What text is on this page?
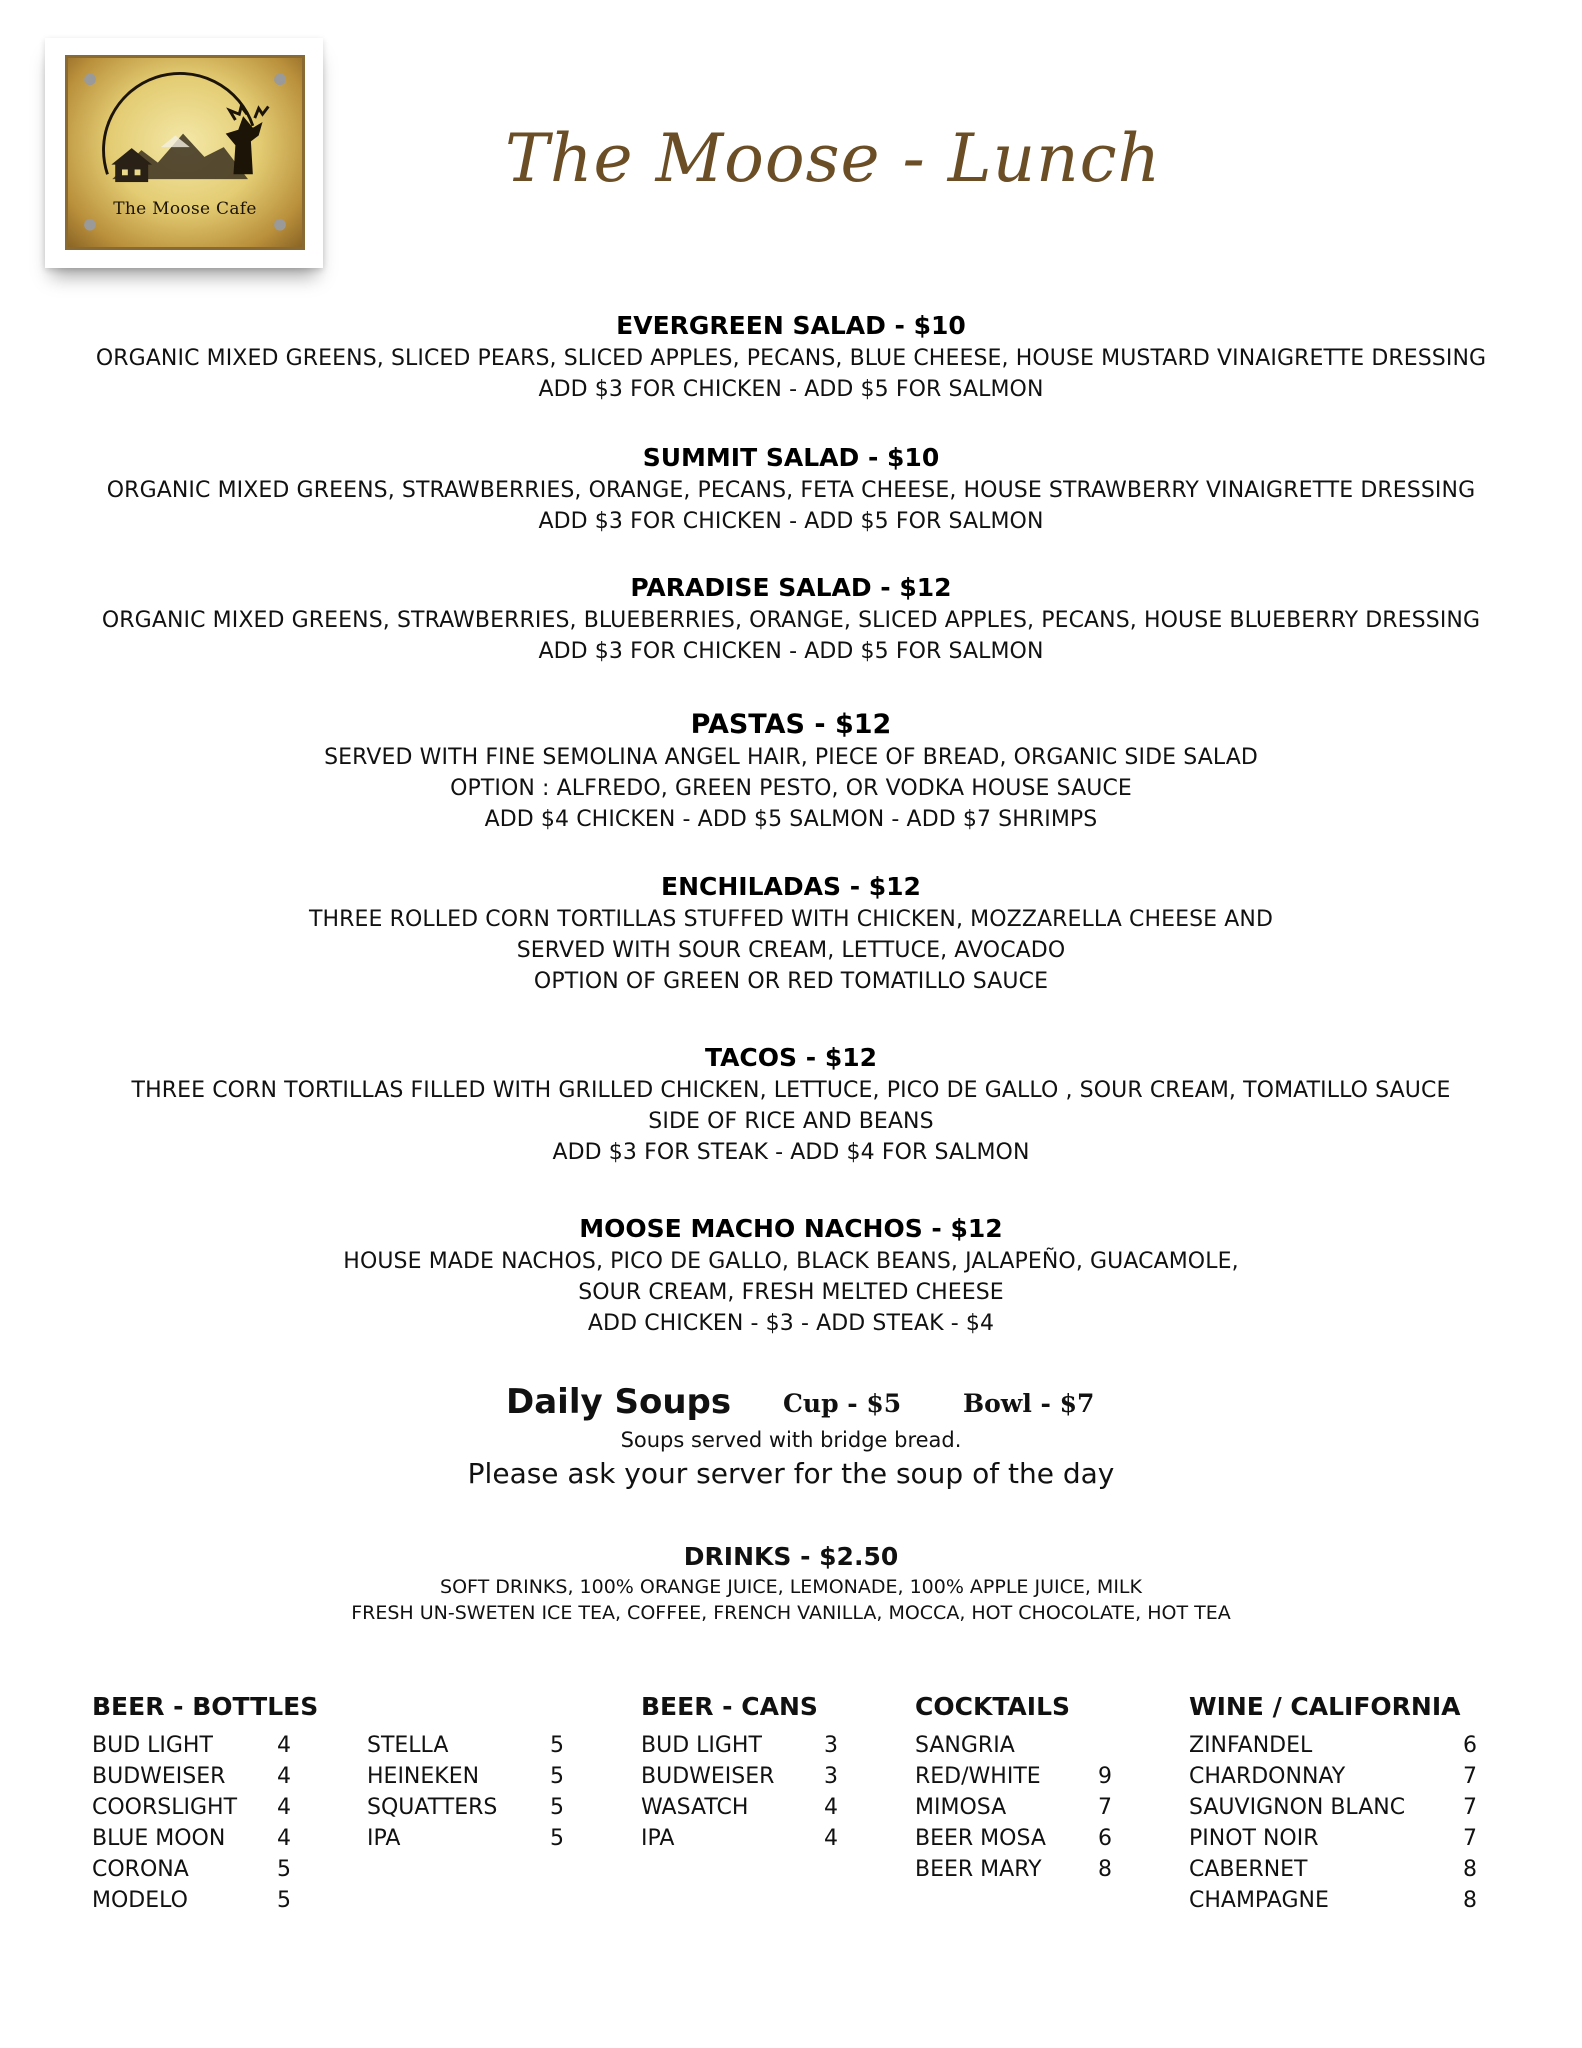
The Moose Cafe
The Moose - Lunch
EVERGREEN SALAD - $10
ORGANIC MIXED GREENS, SLICED PEARS, SLICED APPLES, PECANS, BLUE CHEESE, HOUSE MUSTARD VINAIGRETTE DRESSING
ADD $3 FOR CHICKEN - ADD $5 FOR SALMON
SUMMIT SALAD - $10
ORGANIC MIXED GREENS, STRAWBERRIES, ORANGE, PECANS, FETA CHEESE, HOUSE STRAWBERRY VINAIGRETTE DRESSING
ADD $3 FOR CHICKEN - ADD $5 FOR SALMON
PARADISE SALAD - $12
ORGANIC MIXED GREENS, STRAWBERRIES, BLUEBERRIES, ORANGE, SLICED APPLES, PECANS, HOUSE BLUEBERRY DRESSING
ADD $3 FOR CHICKEN - ADD $5 FOR SALMON
PASTAS - $12
SERVED WITH FINE SEMOLINA ANGEL HAIR, PIECE OF BREAD, ORGANIC SIDE SALAD
OPTION : ALFREDO, GREEN PESTO, OR VODKA HOUSE SAUCE
ADD $4 CHICKEN - ADD $5 SALMON - ADD $7 SHRIMPS
ENCHILADAS - $12
THREE ROLLED CORN TORTILLAS STUFFED WITH CHICKEN, MOZZARELLA CHEESE AND
SERVED WITH SOUR CREAM, LETTUCE, AVOCADO
OPTION OF GREEN OR RED TOMATILLO SAUCE
TACOS - $12
THREE CORN TORTILLAS FILLED WITH GRILLED CHICKEN, LETTUCE, PICO DE GALLO , SOUR CREAM, TOMATILLO SAUCE
SIDE OF RICE AND BEANS
ADD $3 FOR STEAK - ADD $4 FOR SALMON
MOOSE MACHO NACHOS - $12
HOUSE MADE NACHOS, PICO DE GALLO, BLACK BEANS, JALAPEÑO, GUACAMOLE,
SOUR CREAM, FRESH MELTED CHEESE
ADD CHICKEN - $3 - ADD STEAK - $4
Daily Soups Cup - $5 Bowl - $7
Soups served with bridge bread.
Please ask your server for the soup of the day
DRINKS - $2.50
SOFT DRINKS, 100% ORANGE JUICE, LEMONADE, 100% APPLE JUICE, MILK
FRESH UN-SWETEN ICE TEA, COFFEE, FRENCH VANILLA, MOCCA, HOT CHOCOLATE, HOT TEA
BEER - BOTTLES
BUD LIGHT	4
BUDWEISER 4
COORSLIGHT 4
BLUE MOON 4
CORONA	5
MODELO	5
STELLA	5
HEINEKEN	5
SQUATTERS 5
IPA	5
BEER - CANS
BUD LIGHT	3
BUDWEISER 3
WASATCH	4
IPA	4
COCKTAILS
SANGRIA
RED/WHITE	9
MIMOSA	7
BEER MOSA 6
BEER MARY	8
WINE / CALIFORNIA
ZINFANDEL	6
CHARDONNAY	7
SAUVIGNON BLANC	7
PINOT NOIR	7
CABERNET	8
CHAMPAGNE	8
